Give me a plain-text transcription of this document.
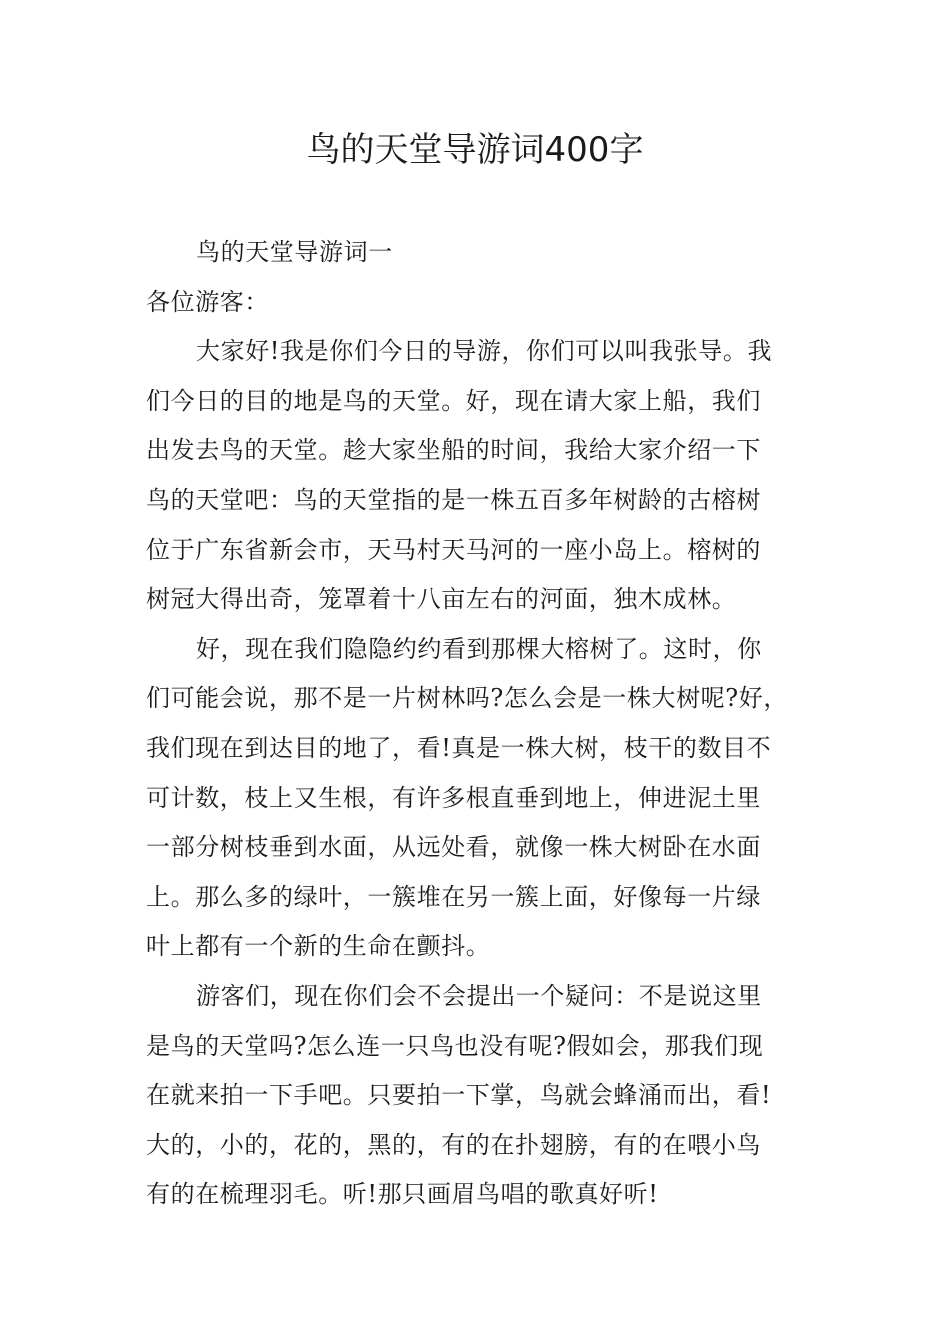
鸟的天堂导游词400字
鸟的天堂导游词一
各位游客：
大家好!我是你们今日的导游，你们可以叫我张导。我
们今日的目的地是鸟的天堂。好，现在请大家上船，我们
出发去鸟的天堂。趁大家坐船的时间，我给大家介绍一下
鸟的天堂吧：鸟的天堂指的是一株五百多年树龄的古榕树
位于广东省新会市，天马村天马河的一座小岛上。榕树的
树冠大得出奇，笼罩着十八亩左右的河面，独木成林。
好，现在我们隐隐约约看到那棵大榕树了。这时，你
们可能会说，那不是一片树林吗?怎么会是一株大树呢?好，
我们现在到达目的地了，看!真是一株大树，枝干的数目不
可计数，枝上又生根，有许多根直垂到地上，伸进泥土里
一部分树枝垂到水面，从远处看，就像一株大树卧在水面
上。那么多的绿叶，一簇堆在另一簇上面，好像每一片绿
叶上都有一个新的生命在颤抖。
游客们，现在你们会不会提出一个疑问：不是说这里
是鸟的天堂吗?怎么连一只鸟也没有呢?假如会，那我们现
在就来拍一下手吧。只要拍一下掌，鸟就会蜂涌而出，看!
大的，小的，花的，黑的，有的在扑翅膀，有的在喂小鸟
有的在梳理羽毛。听!那只画眉鸟唱的歌真好听!
